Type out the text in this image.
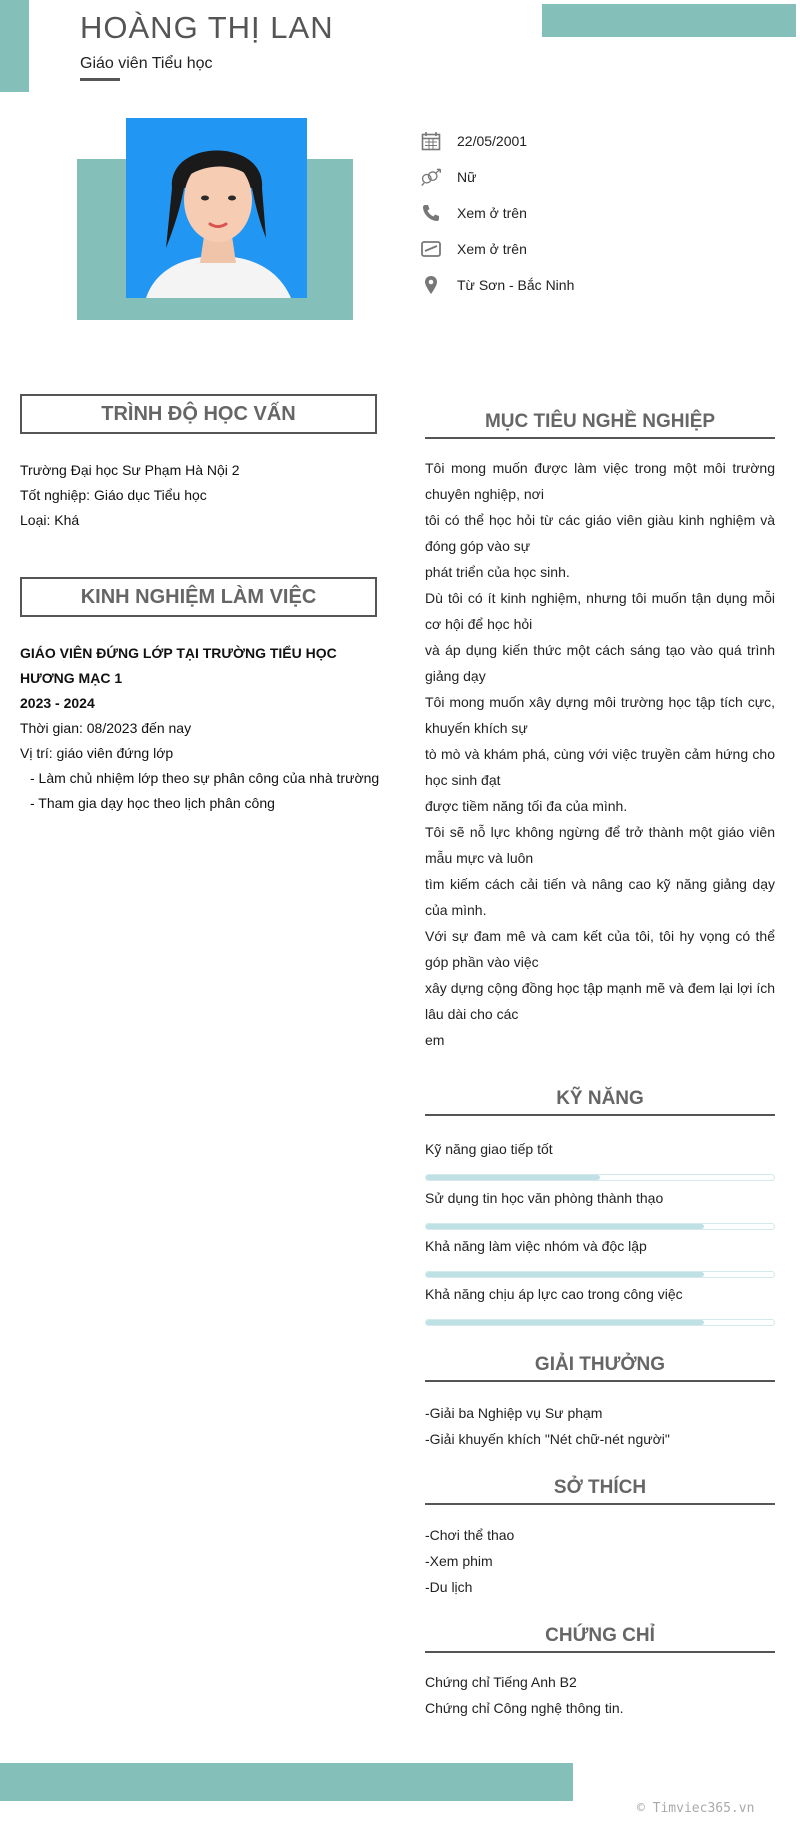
HOÀNG THỊ LAN
Giáo viên Tiểu học
22/05/2001
Nữ
Xem ở trên
Xem ở trên
Từ Sơn - Bắc Ninh
TRÌNH ĐỘ HỌC VẤN
Trường Đại học Sư Phạm Hà Nội 2
Tốt nghiệp: Giáo dục Tiểu học
Loại: Khá
KINH NGHIỆM LÀM VIỆC
GIÁO VIÊN ĐỨNG LỚP TẠI TRƯỜNG TIỂU HỌC HƯƠNG MẠC 1
2023 - 2024
Thời gian: 08/2023 đến nay
Vị trí: giáo viên đứng lớp
- Làm chủ nhiệm lớp theo sự phân công của nhà trường
- Tham gia dạy học theo lịch phân công
MỤC TIÊU NGHỀ NGHIỆP

Tôi mong muốn được làm việc trong một môi trường chuyên nghiệp, nơi

tôi có thể học hỏi từ các giáo viên giàu kinh nghiệm và đóng góp vào sự

phát triển của học sinh.

Dù tôi có ít kinh nghiệm, nhưng tôi muốn tận dụng mỗi cơ hội để học hỏi

và áp dụng kiến thức một cách sáng tạo vào quá trình giảng dạy

Tôi mong muốn xây dựng môi trường học tập tích cực, khuyến khích sự

tò mò và khám phá, cùng với việc truyền cảm hứng cho học sinh đạt

được tiềm năng tối đa của mình.

Tôi sẽ nỗ lực không ngừng để trở thành một giáo viên mẫu mực và luôn

tìm kiếm cách cải tiến và nâng cao kỹ năng giảng dạy của mình.

Với sự đam mê và cam kết của tôi, tôi hy vọng có thể góp phần vào việc

xây dựng cộng đồng học tập mạnh mẽ và đem lại lợi ích lâu dài cho các

em

KỸ NĂNG
Kỹ năng giao tiếp tốt
Sử dụng tin học văn phòng thành thạo
Khả năng làm việc nhóm và độc lập
Khả năng chịu áp lực cao trong công việc
GIẢI THƯỞNG
-Giải ba Nghiệp vụ Sư phạm
-Giải khuyến khích "Nét chữ-nét người"
SỞ THÍCH
-Chơi thể thao
-Xem phim
-Du lịch
CHỨNG CHỈ
Chứng chỉ Tiếng Anh B2
Chứng chỉ Công nghệ thông tin.
© Timviec365.vn
